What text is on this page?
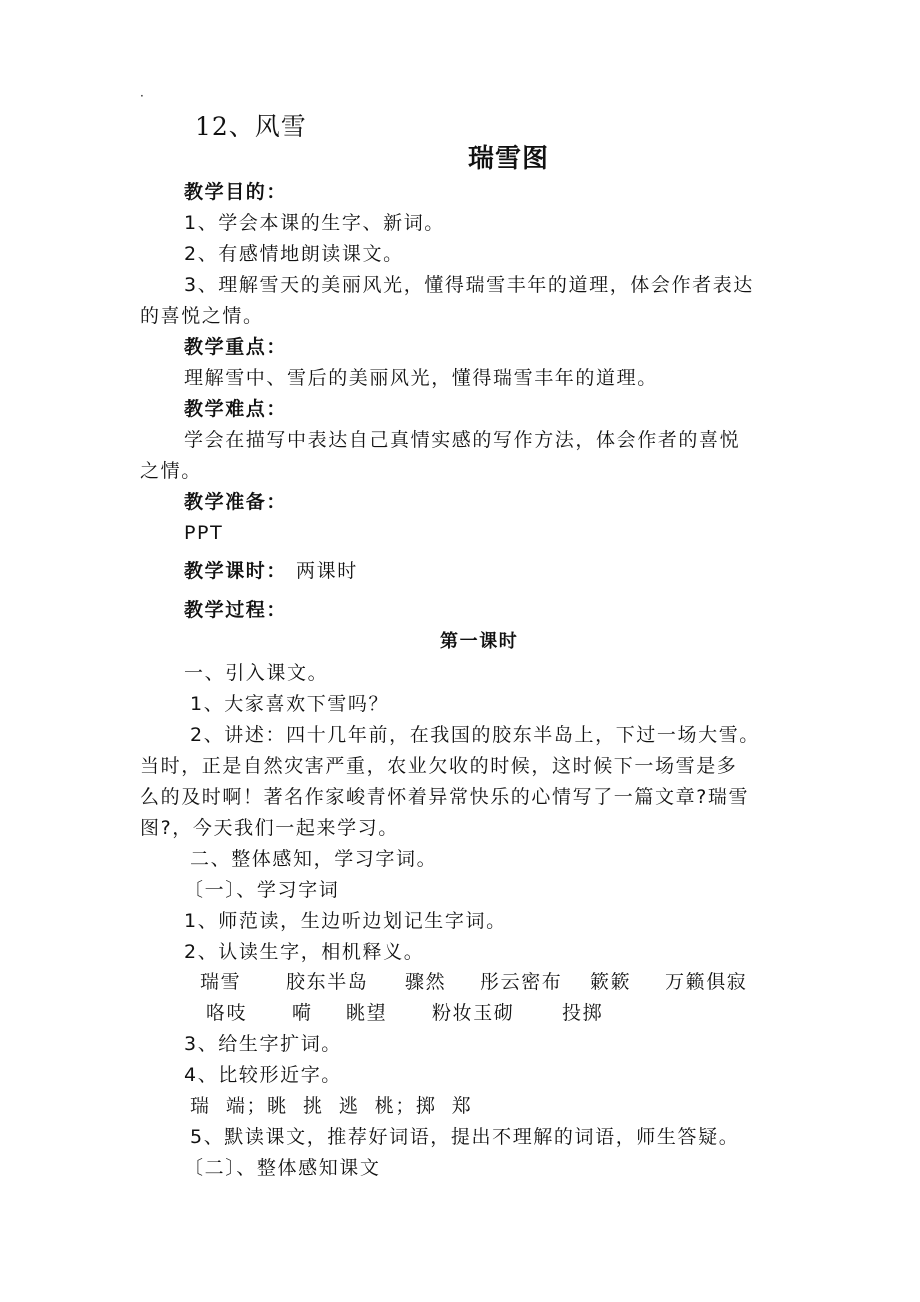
·
12、风雪
瑞雪图
教学目的：
1、学会本课的生字、新词。
2、有感情地朗读课文。
3、理解雪天的美丽风光，懂得瑞雪丰年的道理，体会作者表达
的喜悦之情。
教学重点：
理解雪中、雪后的美丽风光，懂得瑞雪丰年的道理。
教学难点：
学会在描写中表达自己真情实感的写作方法，体会作者的喜悦
之情。
教学准备：
PPT
教学课时： 两课时
教学过程：
第一课时
一、引入课文。
1、大家喜欢下雪吗？
2、讲述：四十几年前，在我国的胶东半岛上，下过一场大雪。
当时，正是自然灾害严重，农业欠收的时候，这时候下一场雪是多
么的及时啊！著名作家峻青怀着异常快乐的心情写了一篇文章?瑞雪
图?，今天我们一起来学习。
二、整体感知，学习字词。
〔一〕、学习字词
1、师范读，生边听边划记生字词。
2、认读生字，相机释义。
瑞雪 胶东半岛 骤然 彤云密布 簌簌 万籁俱寂
咯吱 嗬 眺望 粉妆玉砌	投掷
3、给生字扩词。
4、比较形近字。
瑞  端；眺  挑  逃  桃；掷  郑
5、默读课文，推荐好词语，提出不理解的词语，师生答疑。
〔二〕、整体感知课文
